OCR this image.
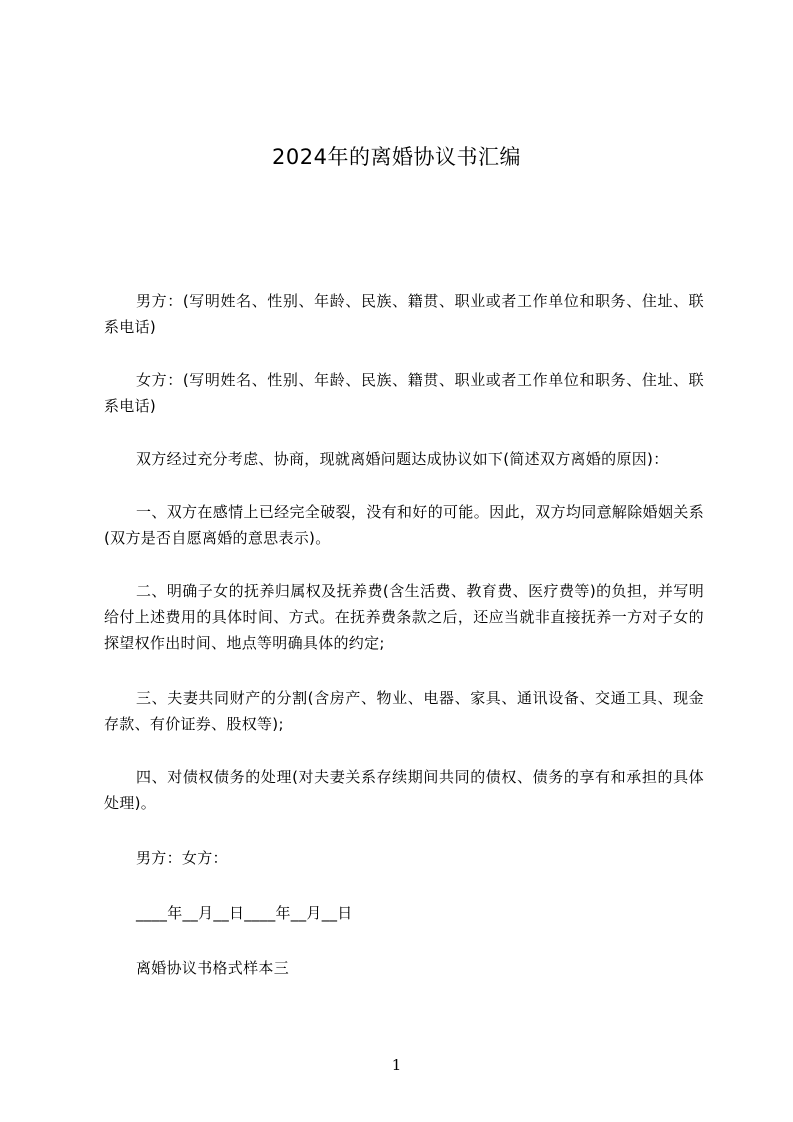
2024年的离婚协议书汇编
男方：(写明姓名、性别、年龄、民族、籍贯、职业或者工作单位和职务、住址、联系电话)
女方：(写明姓名、性别、年龄、民族、籍贯、职业或者工作单位和职务、住址、联系电话)
双方经过充分考虑、协商，现就离婚问题达成协议如下(简述双方离婚的原因)：
一、双方在感情上已经完全破裂，没有和好的可能。因此，双方均同意解除婚姻关系(双方是否自愿离婚的意思表示)。
二、明确子女的抚养归属权及抚养费(含生活费、教育费、医疗费等)的负担，并写明给付上述费用的具体时间、方式。在抚养费条款之后，还应当就非直接抚养一方对子女的探望权作出时间、地点等明确具体的约定;
三、夫妻共同财产的分割(含房产、物业、电器、家具、通讯设备、交通工具、现金存款、有价证券、股权等);
四、对债权债务的处理(对夫妻关系存续期间共同的债权、债务的享有和承担的具体处理)。
男方：女方：
____年__月__日____年__月__日
离婚协议书格式样本三
1
